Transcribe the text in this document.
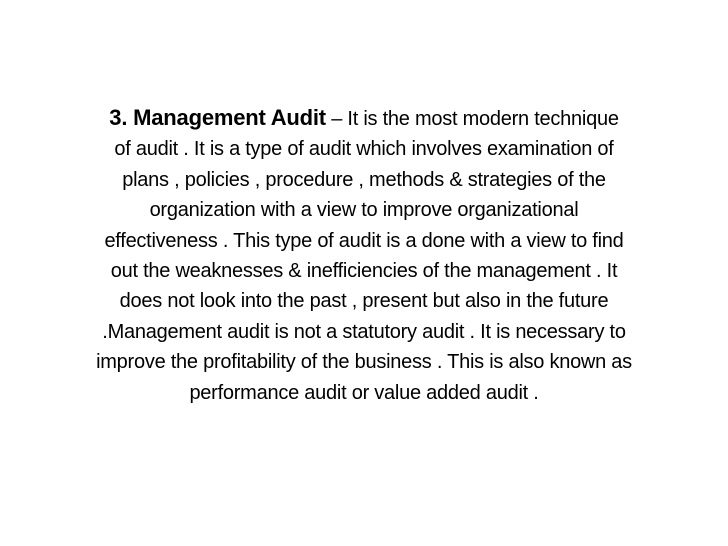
3. Management Audit – It is the most modern technique
of audit . It is a type of audit which involves examination of
plans , policies , procedure , methods & strategies of the
organization with a view to improve organizational
effectiveness . This type of audit is a done with a view to find
out the weaknesses & inefficiencies of the management . It
does not look into the past , present but also in the future
.Management audit is not a statutory audit . It is necessary to
improve the profitability of the business . This is also known as
performance audit or value added audit .
